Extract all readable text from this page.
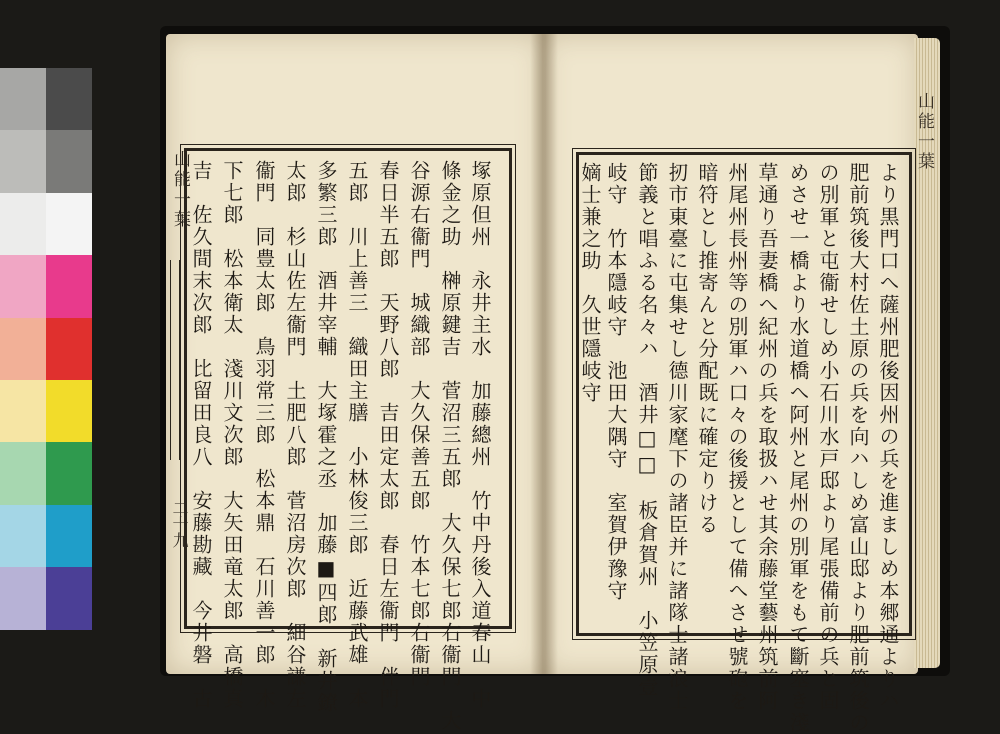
山能一葉
二十九
山能一葉
塚原但州　永井主水　加藤總州　竹中丹後入道春山　中
條金之助　榊原鍵吉　菅沼三五郎　大久保七郎右衞門　大
谷源右衞門　城織部　大久保善五郎　竹本七郎右衞門
春日半五郎　天野八郎　吉田定太郎　春日左衞門　伴門
五郎　川上善三　織田主膳　小林俊三郎　近藤武雄　本
多繁三郎　酒井宰輔　大塚霍之丞　加藤■四郎　新井鐐
太郎　杉山佐左衞門　土肥八郎　菅沼房次郎　細谷謙左
衞門　同豊太郎　鳥羽常三郎　松本鼎　石川善一郎　木
下七郎　松本衛太　淺川文次郎　大矢田竜太郎　高橋真
吉　佐久間末次郎　比留田良八　安藤勘藏　今井磐　古	より黒門口へ薩州肥後因州の兵を進ましめ本郷通よりハ
肥前筑後大村佐土原の兵を向ハしめ富山邸より肥前筑後の
の別軍と屯衞せしめ小石川水戸邸より尾張備前の兵と固
めさせ一橋より水道橋へ阿州と尾州の別軍をもて斷塞き淺
草通り吾妻橋へ紀州の兵を取扱ハせ其余藤堂藝州筑前阿
州尾州長州等の別軍ハ口々の後援として備へさせ號砲を
暗符とし推寄んと分配既に確定りける
扨市東臺に屯集せし德川家麾下の諸臣并に諸隊士諸浪士
節義と唱ふる名々ハ　酒井□□　板倉賀州　小笠原壹
岐守　竹本隱岐守　池田大隅守　室賀伊豫守
嫡士兼之助　久世隱岐守
